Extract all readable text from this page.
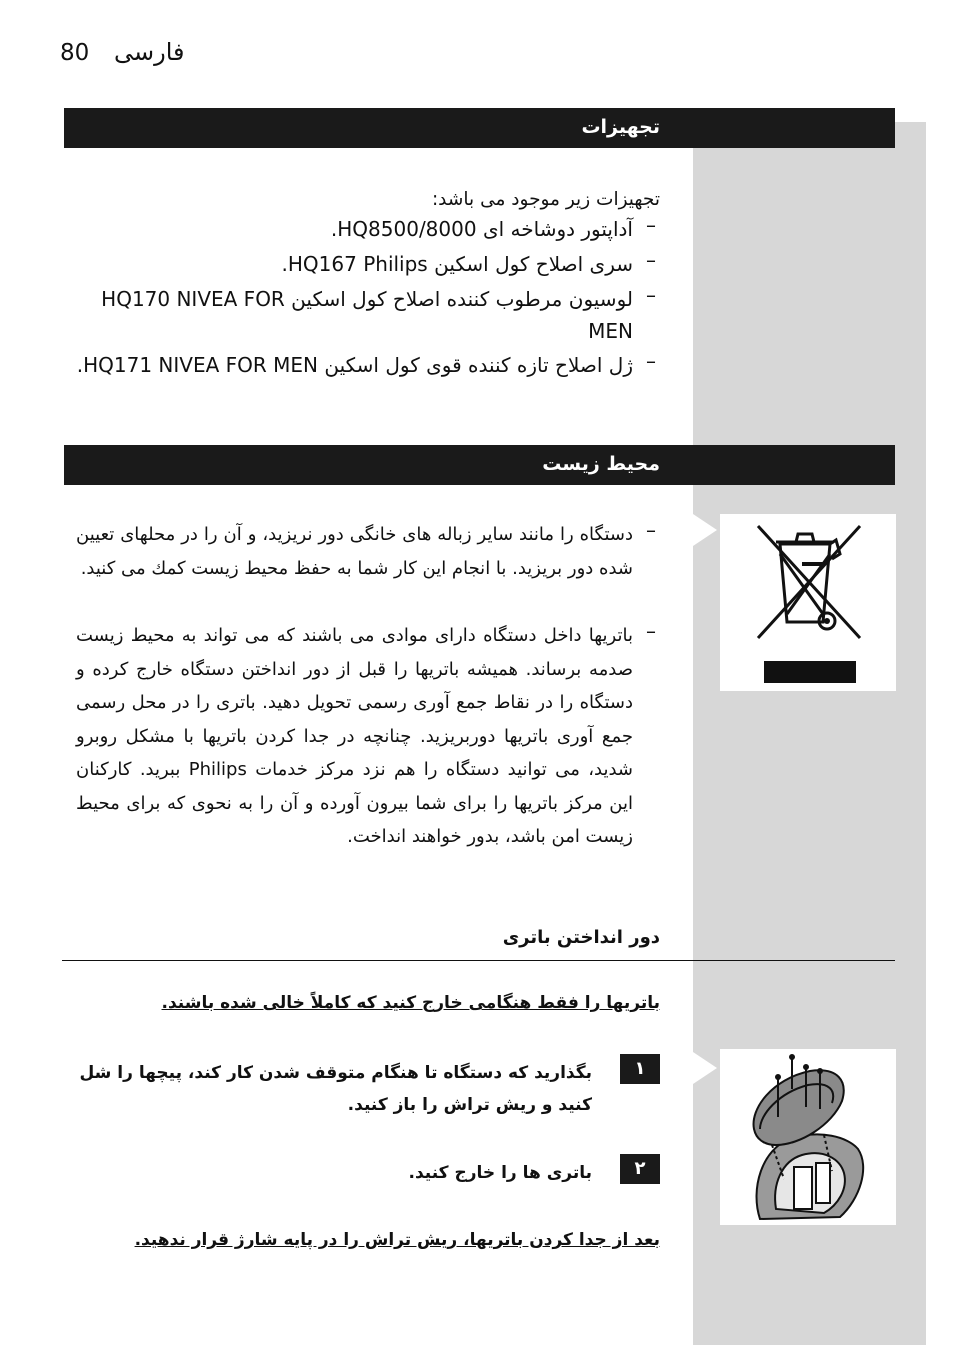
80 فارسی
تجهیزات
تجهیزات زیر موجود می باشد:
–
آداپتور دوشاخه ای HQ8500/8000.
–
سری اصلاح کول اسکین HQ167 Philips.
–
لوسیون مرطوب کننده اصلاح کول اسکین HQ170 NIVEA FOR MEN
–
ژل اصلاح تازه کننده قوی کول اسکین HQ171 NIVEA FOR MEN.
محیط زیست
–
دستگاه را مانند سایر زباله های خانگی دور نریزید، و آن را در محلهای تعیین شده دور بریزید. با انجام این کار شما به حفظ محیط زیست کمك می کنید.
–
باتریها داخل دستگاه دارای موادی می باشند که می تواند به محیط زیست صدمه برساند. همیشه باتریها را قبل از دور انداختن دستگاه خارج کرده و دستگاه را در نقاط جمع آوری رسمی تحویل دهید. باتری را در محل رسمی جمع آوری باتریها دوربریزید. چنانچه در جدا کردن باتریها با مشکل روبرو شدید، می توانید دستگاه را هم نزد مرکز خدمات Philips ببرید. کارکنان این مرکز باتریها را برای شما بیرون آورده و آن را به نحوی که برای محیط زیست امن باشد، بدور خواهند انداخت.
دور انداختن باتری
باتریها را فقط هنگامی خارج کنید که کاملاً خالی شده باشند.
١
بگذارید که دستگاه تا هنگام متوقف شدن کار کند، پیچها را شل کنید و ریش تراش را باز کنید.
٢
باتری ها را خارج کنید.
بعد از جدا کردن باتریها، ریش تراش را در پایه شارژ قرار ندهید.
